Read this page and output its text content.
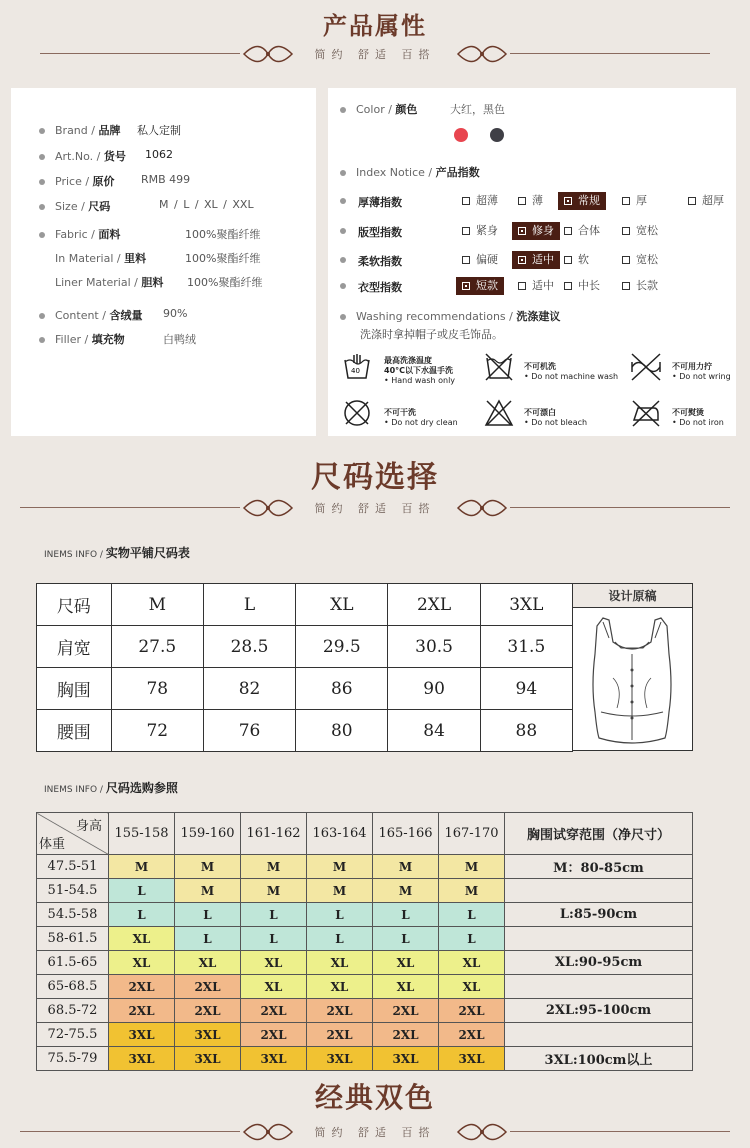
产品属性
简约 舒适 百搭
Brand / 品牌 私人定制
Art.No. / 货号 1062
Price / 原价 RMB 499
Size / 尺码	M / L / XL / XXL
Fabric / 面料	100%聚酯纤维
In Material / 里料	100%聚酯纤维
Liner Material / 胆料 100%聚酯纤维
Content / 含绒量 90%
Filler / 填充物	白鸭绒
Color / 颜色	大红，黑色
Index Notice / 产品指数
厚薄指数	超薄	薄	常规	厚	超厚
版型指数	紧身	修身	合体	宽松
柔软指数	偏硬	适中	软	宽松
衣型指数	短款	适中	中长	长款
Washing recommendations / 洗涤建议
洗涤时拿掉帽子或皮毛饰品。
40
最高洗涤温度
40°C以下水温手洗
• Hand wash only
不可机洗
• Do not machine wash
不可用力拧
• Do not wring
不可干洗
• Do not dry clean
不可漂白
• Do not bleach
不可熨烫
• Do not iron
尺码选择
简约 舒适 百搭
INEMS INFO / 实物平铺尺码表
尺码	M	L	XL	2XL	3XL
肩宽	27.5	28.5	29.5	30.5	31.5
胸围	78	82	86	90	94
腰围	72	76	80	84	88
设计原稿
INEMS INFO / 尺码选购参照
身高
体重	155-158	159-160	161-162	163-164	165-166	167-170	胸围试穿范围（净尺寸）
47.5-51	M	M	M	M	M	M	M：80-85cm
51-54.5	L	M	M	M	M	M	
54.5-58	L	L	L	L	L	L	L:85-90cm
58-61.5	XL	L	L	L	L	L	
61.5-65	XL	XL	XL	XL	XL	XL	XL:90-95cm
65-68.5	2XL	2XL	XL	XL	XL	XL	
68.5-72	2XL	2XL	2XL	2XL	2XL	2XL	2XL:95-100cm
72-75.5	3XL	3XL	2XL	2XL	2XL	2XL	
75.5-79	3XL	3XL	3XL	3XL	3XL	3XL	3XL:100cm以上
经典双色
简约 舒适 百搭
